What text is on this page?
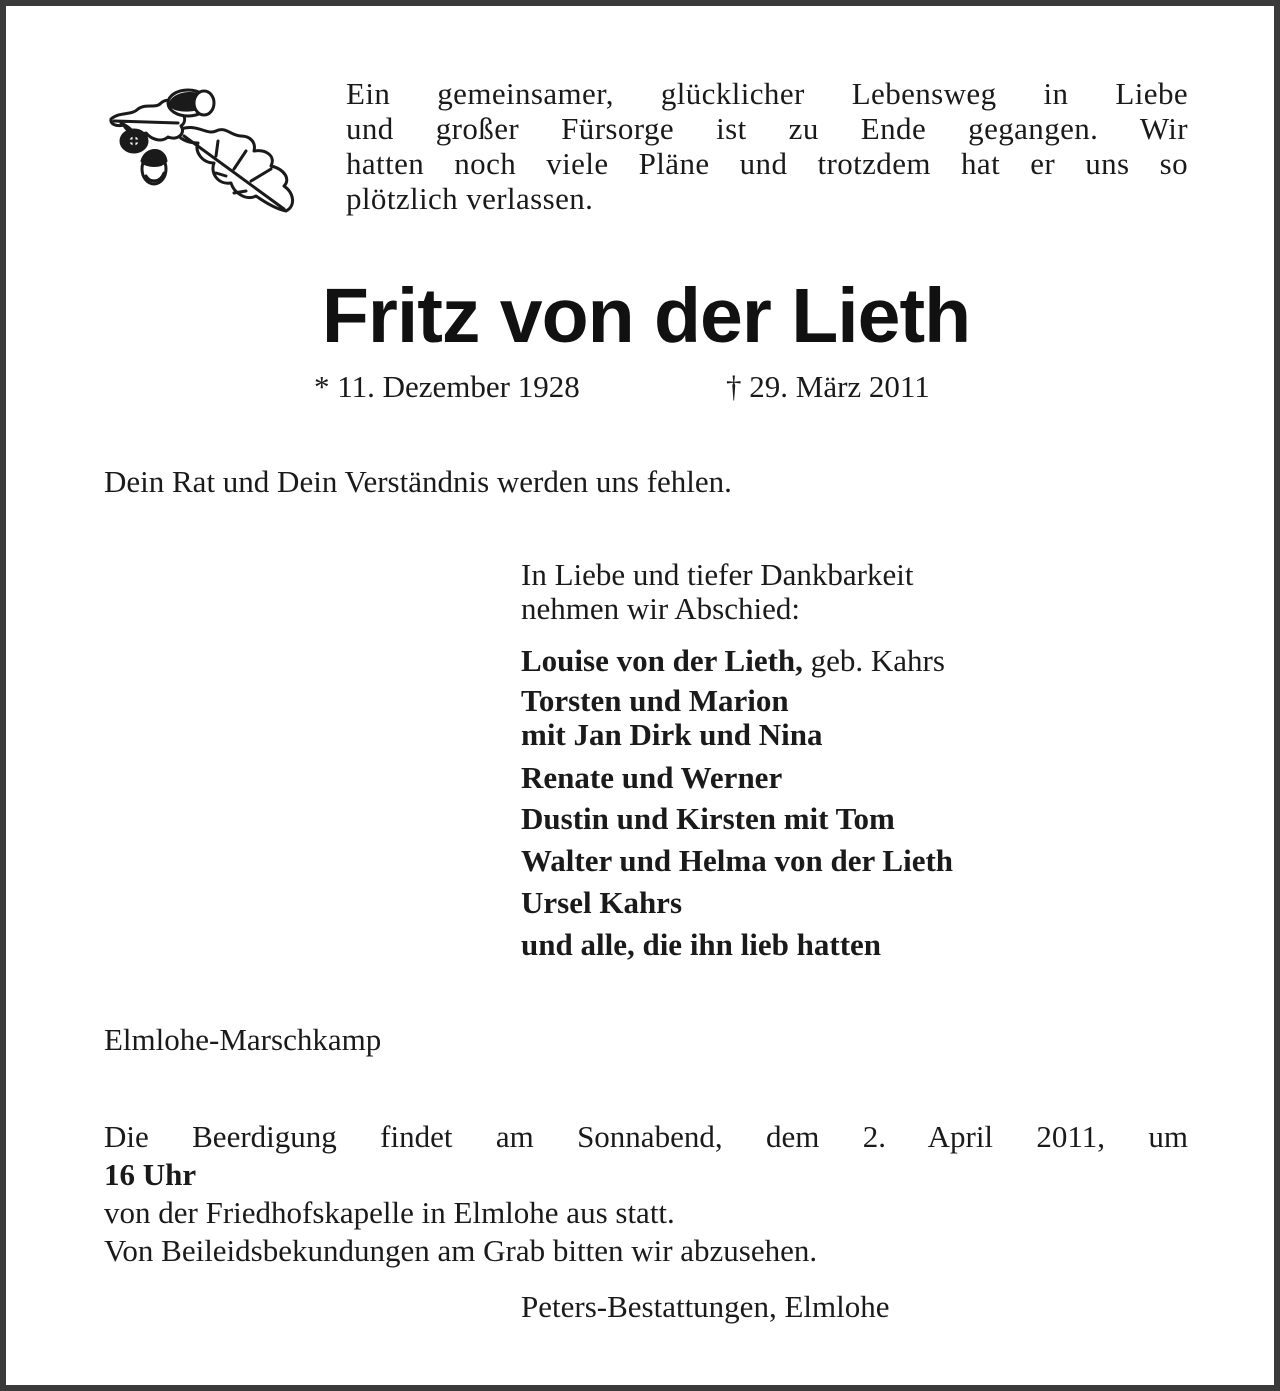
Ein gemeinsamer, glücklicher Lebensweg in Liebe
und großer Fürsorge ist zu Ende gegangen. Wir
hatten noch viele Pläne und trotzdem hat er uns so
plötzlich verlassen.
Fritz von der Lieth
* 11. Dezember 1928	† 29. März 2011
Dein Rat und Dein Verständnis werden uns fehlen.
In Liebe und tiefer Dankbarkeit
nehmen wir Abschied:
Louise von der Lieth, geb. Kahrs
Torsten und Marion
mit Jan Dirk und Nina
Renate und Werner
Dustin und Kirsten mit Tom
Walter und Helma von der Lieth
Ursel Kahrs
und alle, die ihn lieb hatten
Elmlohe-Marschkamp
Die Beerdigung findet am Sonnabend, dem 2. April 2011, um
16 Uhr
von der Friedhofskapelle in Elmlohe aus statt.
Von Beileidsbekundungen am Grab bitten wir abzusehen.
Peters-Bestattungen, Elmlohe
